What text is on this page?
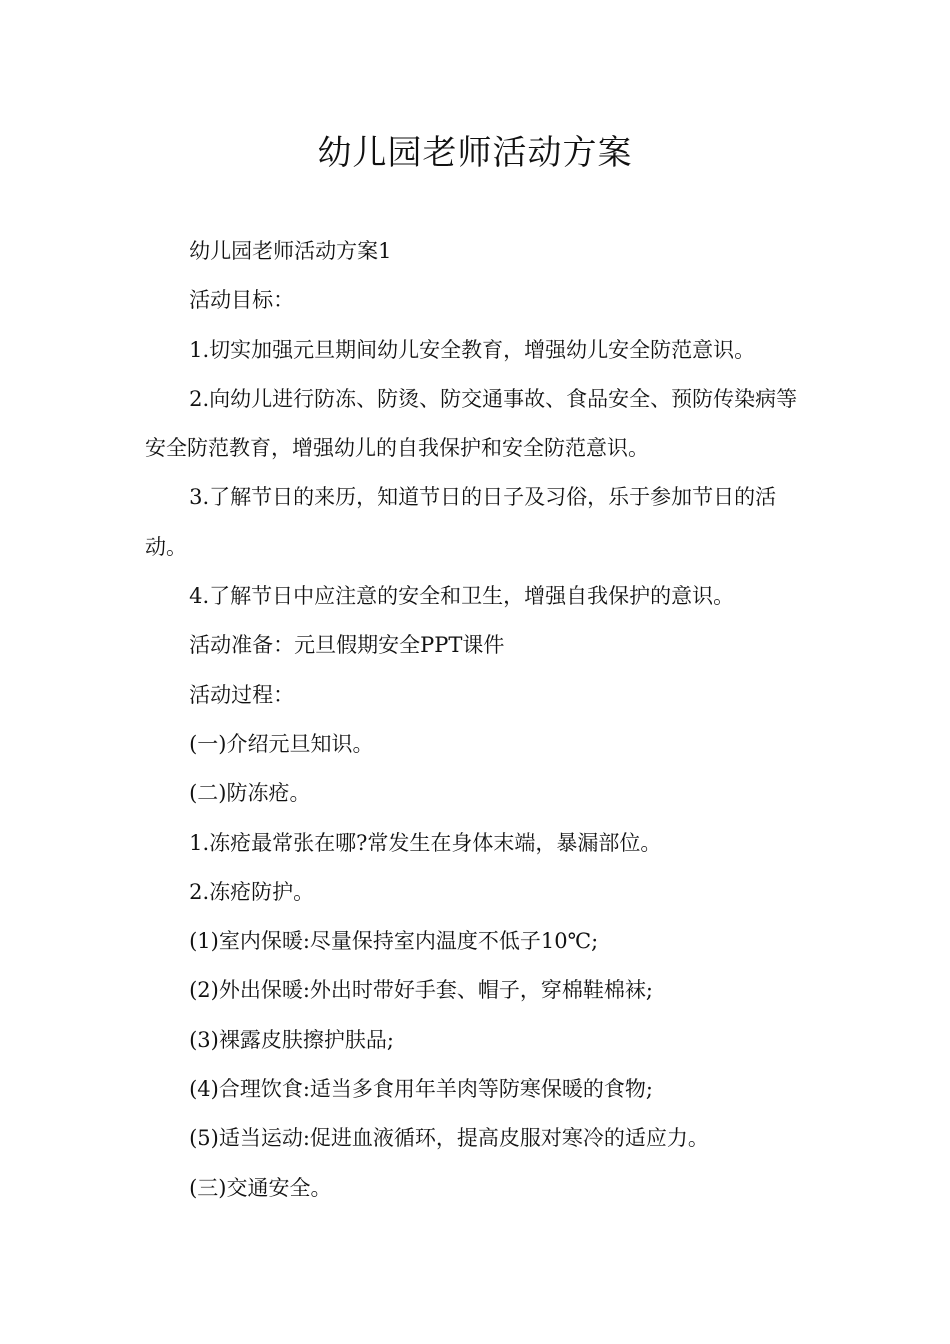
幼儿园老师活动方案

幼儿园老师活动方案1

活动目标：

1.切实加强元旦期间幼儿安全教育，增强幼儿安全防范意识。

2.向幼儿进行防冻、防烫、防交通事故、食品安全、预防传染病等安全防范教育，增强幼儿的自我保护和安全防范意识。

3.了解节日的来历，知道节日的日子及习俗，乐于参加节日的活动。

4.了解节日中应注意的安全和卫生，增强自我保护的意识。

活动准备：元旦假期安全PPT课件

活动过程：

(一)介绍元旦知识。

(二)防冻疮。

1.冻疮最常张在哪?常发生在身体末端，暴漏部位。

2.冻疮防护。

(1)室内保暖:尽量保持室内温度不低子10℃;

(2)外出保暖:外出时带好手套、帽子，穿棉鞋棉袜;

(3)裸露皮肤擦护肤品;

(4)合理饮食:适当多食用年羊肉等防寒保暖的食物;

(5)适当运动:促进血液循环，提高皮服对寒冷的适应力。

(三)交通安全。
